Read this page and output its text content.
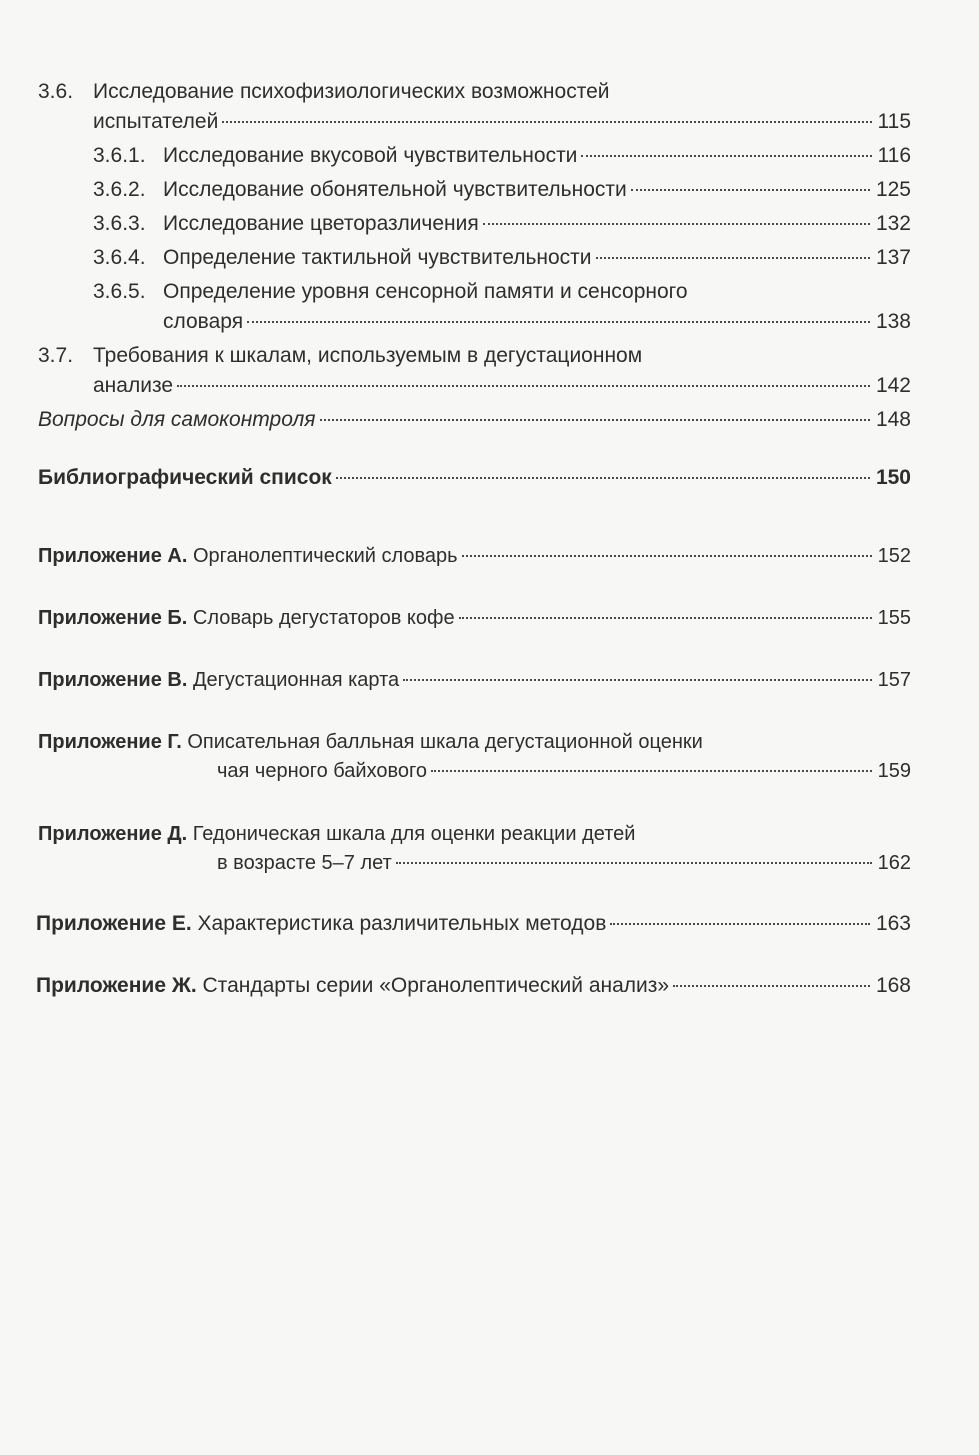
3.6. Исследование психофизиологических возможностей
испытателей	115
3.6.1. Исследование вкусовой чувствительности	116
3.6.2. Исследование обонятельной чувствительности	125
3.6.3. Исследование цветоразличения	132
3.6.4. Определение тактильной чувствительности	137
3.6.5. Определение уровня сенсорной памяти и сенсорного
словаря	138
3.7. Требования к шкалам, используемым в дегустационном
анализе	142
Вопросы для самоконтроля	148
Библиографический список	150
Приложение А. Органолептический словарь	152
Приложение Б. Словарь дегустаторов кофе	155
Приложение В. Дегустационная карта	157
Приложение Г. Описательная балльная шкала дегустационной оценки
чая черного байхового	159
Приложение Д. Гедоническая шкала для оценки реакции детей
в возрасте 5–7 лет	162
Приложение Е. Характеристика различительных методов	163
Приложение Ж. Стандарты серии «Органолептический анализ»	168
